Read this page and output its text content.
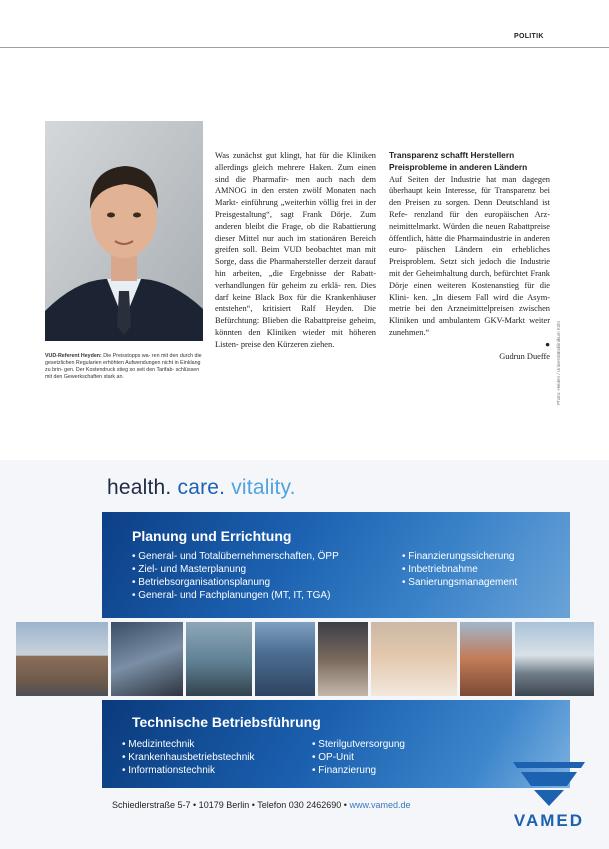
POLITIK
VUD-Referent Heyden: Die Preisstopps wa- ren mit den durch die gesetzlichen Regularien erhöhten Aufwendungen nicht in Einklang zu brin- gen. Der Kostendruck stieg so seit den Tarifab- schlüssen mit den Gewerkschaften stark an.
Was zunächst gut klingt, hat für die Kliniken allerdings gleich mehrere Haken. Zum einen sind die Pharmafir- men auch nach dem AMNOG in den ersten zwölf Monaten nach Markt- einführung „weiterhin völlig frei in der Preisgestaltung“, sagt Frank Dörje. Zum anderen bleibt die Frage, ob die Rabattierung dieser Mittel nur auch im stationären Bereich greifen soll. Beim VUD beobachtet man mit Sorge, dass die Pharmahersteller derzeit darauf hin arbeiten, „die Ergebnisse der Rabatt- verhandlungen für geheim zu erklä- ren. Dies darf keine Black Box für die Krankenhäuser entstehen“, kritisiert Ralf Heyden. Die Befürchtung: Blieben die Rabattpreise geheim, könnten den Kliniken wieder mit höheren Listen- preise den Kürzeren ziehen.
Transparenz schafft Herstellern Preisprobleme in anderen Ländern
Auf Seiten der Industrie hat man dagegen überhaupt kein Interesse, für Transparenz bei den Preisen zu sorgen. Denn Deutschland ist Refe- renzland für den europäischen Arz- neimittelmarkt. Würden die neuen Rabattpreise öffentlich, hätte die Pharmaindustrie in anderen euro- päischen Ländern ein erhebliches Preisproblem. Setzt sich jedoch die Industrie mit der Geheimhaltung durch, befürchtet Frank Dörje einen weiteren Kostenanstieg für die Klini- ken. „In diesem Fall wird die Asym- metrie bei den Arzneimittelpreisen zwischen Kliniken und ambulantem GKV-Markt weiter zunehmen.“
●
Gudrun Dueffe Photo: Heiden / Universitätsklinikum Köln
health. care. vitality.
Planung und Errichtung
• General- und Totalübernehmerschaften, ÖPP
• Ziel- und Masterplanung
• Betriebsorganisationsplanung
• General- und Fachplanungen (MT, IT, TGA)
• Finanzierungssicherung
• Inbetriebnahme
• Sanierungsmanagement
Technische Betriebsführung
• Medizintechnik
• Krankenhausbetriebstechnik
• Informationstechnik
• Sterilgutversorgung
• OP-Unit
• Finanzierung
Schiedlerstraße 5-7 • 10179 Berlin • Telefon 030 2462690 • www.vamed.de
VAMED
